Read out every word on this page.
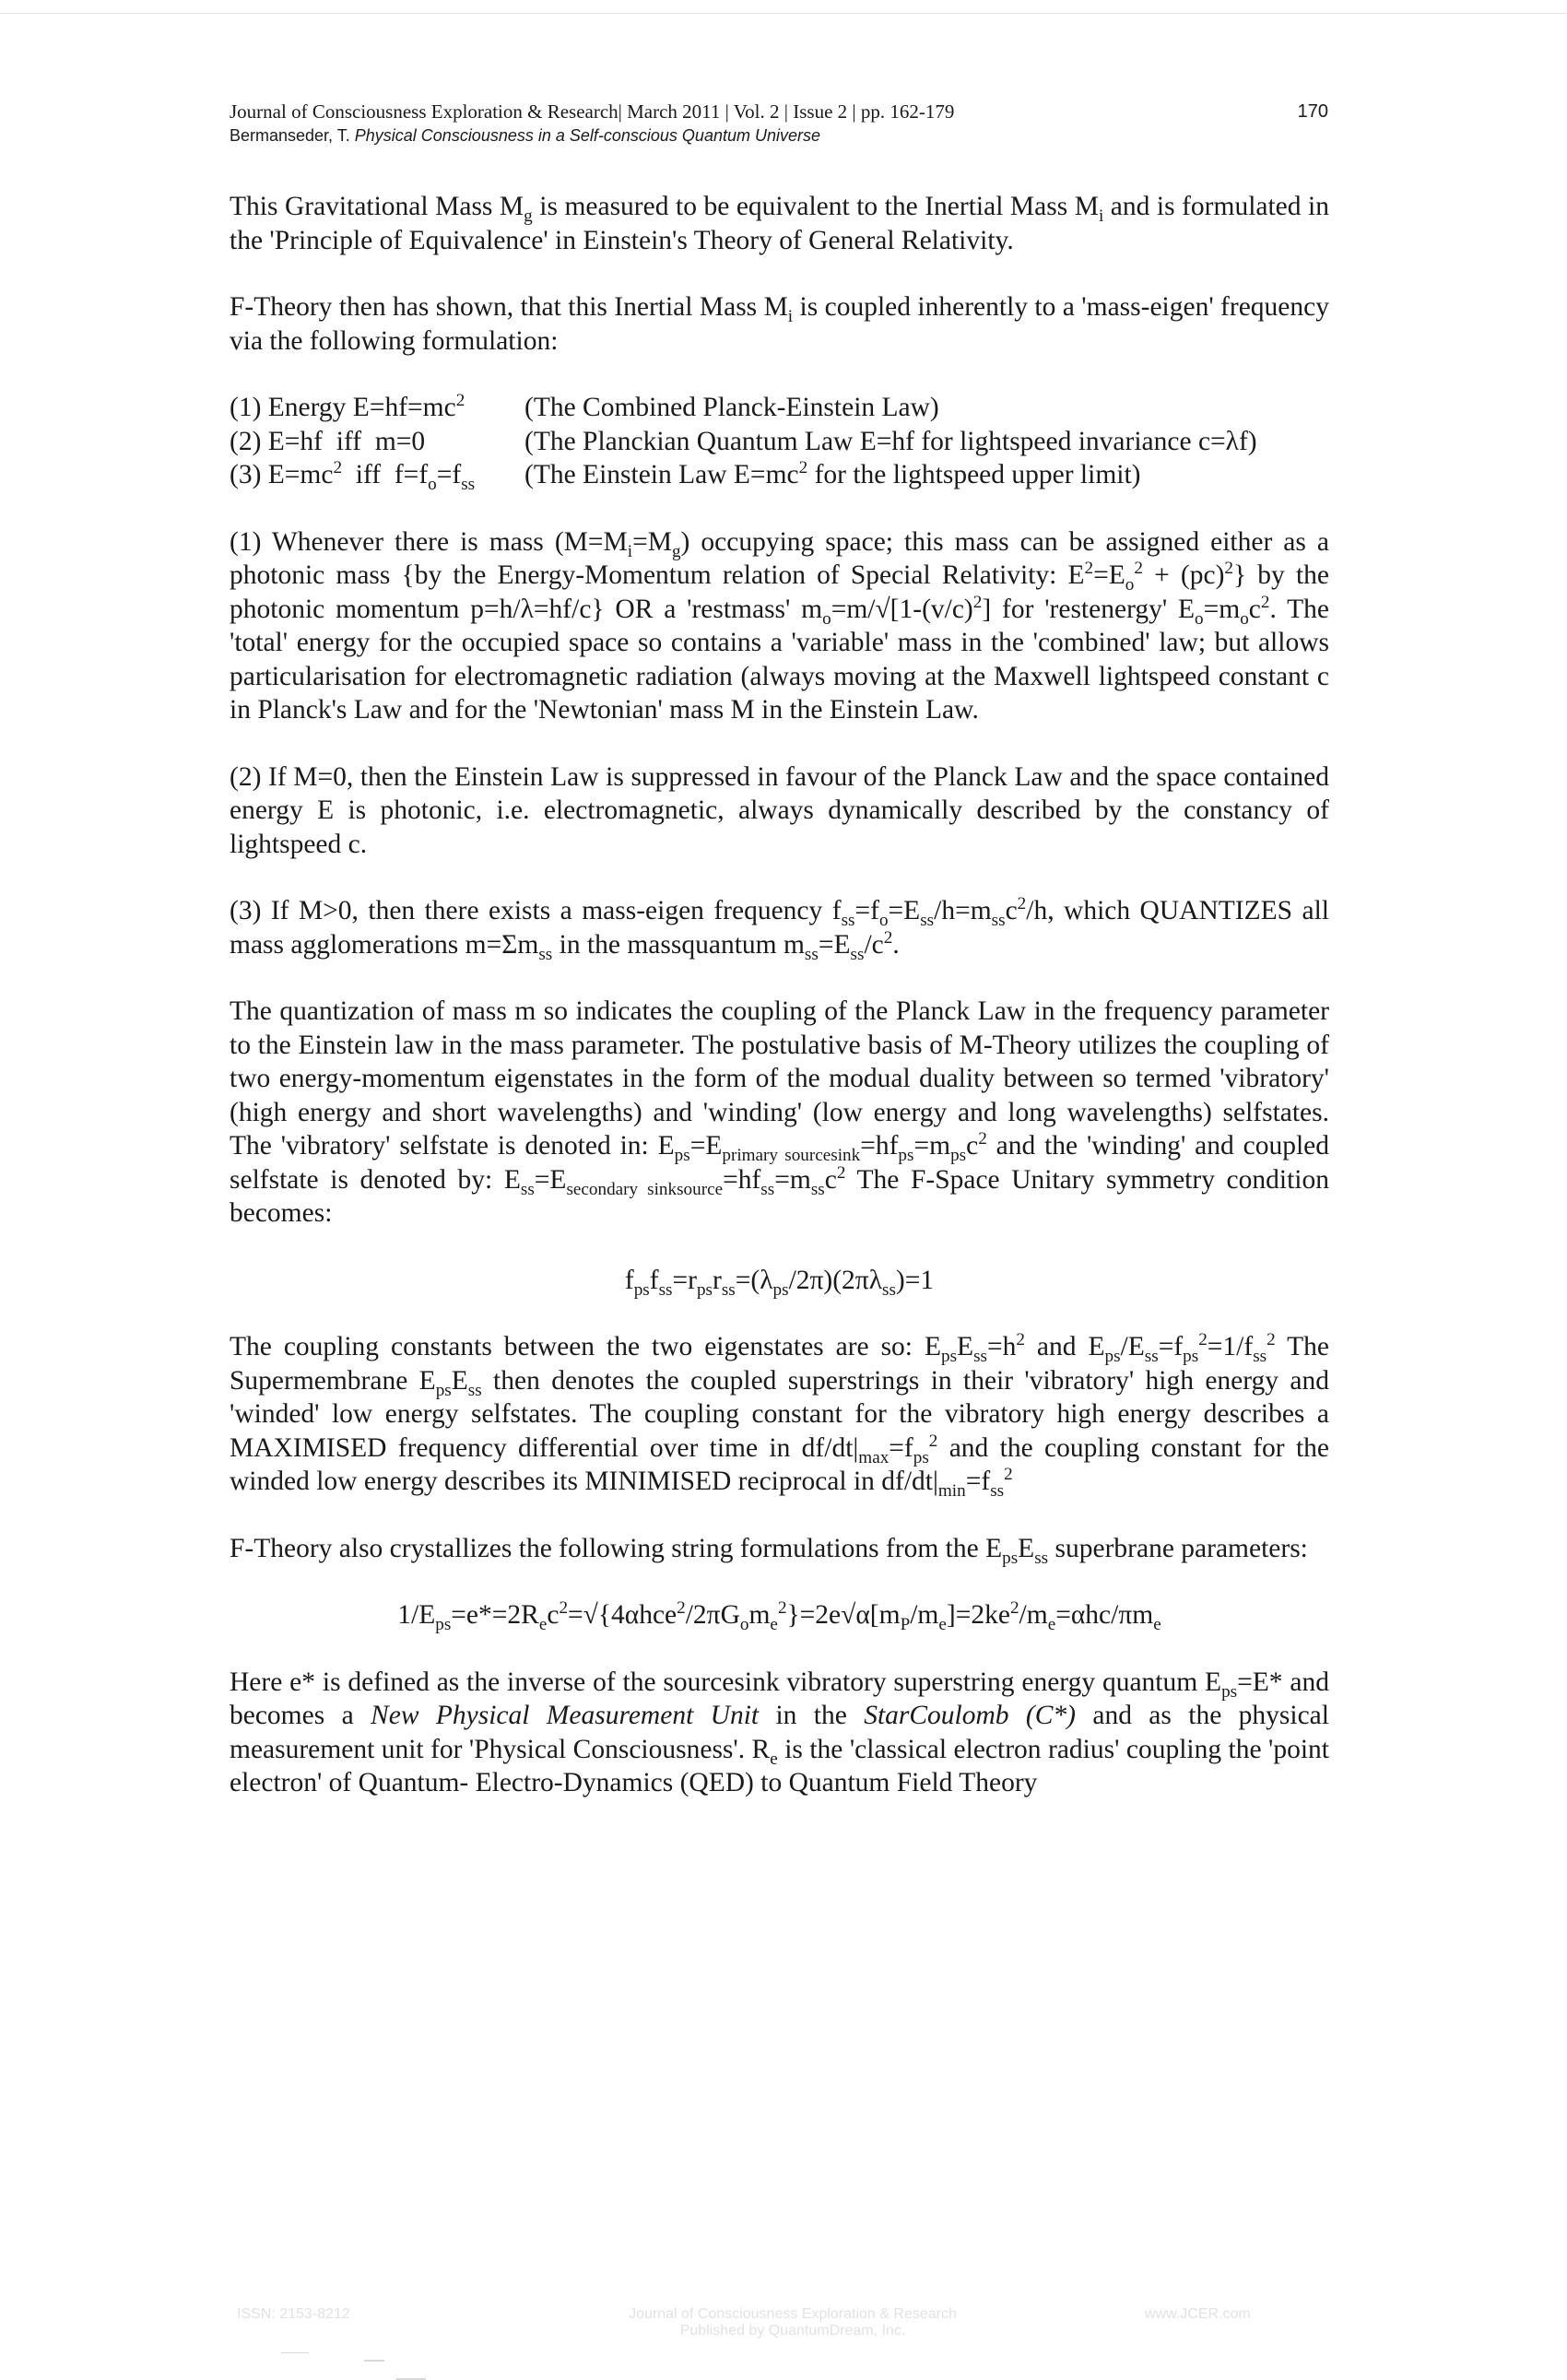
Journal of Consciousness Exploration & Research| March 2011 | Vol. 2 | Issue 2 | pp. 162-179
Bermanseder, T. Physical Consciousness in a Self-conscious Quantum Universe
170

This Gravitational Mass $M_g$ is measured to be equivalent to the Inertial Mass $M_i$ and is formulated in the 'Principle of Equivalence' in Einstein's Theory of General Relativity.

F-Theory then has shown, that this Inertial Mass $M_i$ is coupled inherently to a 'mass-eigen' frequency via the following formulation:

(1) Energy $E=hf=mc^2$	(The Combined Planck-Einstein Law)
(2) E=hf  iff  m=0	(The Planckian Quantum Law E=hf for lightspeed invariance c=λf)
(3) $E=mc^2$  iff  $f=f_o=f_{ss}$	(The Einstein Law $E=mc^2$ for the lightspeed upper limit)

(1) Whenever there is mass $(M=M_i=M_g)$ occupying space; this mass can be assigned either as a photonic mass {by the Energy-Momentum relation of Special Relativity: $E^2=E_o^2 + (pc)^2$} by the photonic momentum p=h/λ=hf/c} OR a 'restmass' $m_o=m/√[1-(v/c)^2]$ for 'restenergy' $E_o=m_oc^2$. The 'total' energy for the occupied space so contains a 'variable' mass in the 'combined' law; but allows particularisation for electromagnetic radiation (always moving at the Maxwell lightspeed constant c in Planck's Law and for the 'Newtonian' mass M in the Einstein Law.

(2) If M=0, then the Einstein Law is suppressed in favour of the Planck Law and the space contained energy E is photonic, i.e. electromagnetic, always dynamically described by the constancy of lightspeed c.

(3) If M>0, then there exists a mass-eigen frequency $f_{ss}=f_o=E_{ss}/h=m_{ss}c^2/h$, which QUANTIZES all mass agglomerations $m=\Sigma m_{ss}$ in the massquantum $m_{ss}=E_{ss}/c^2$.

The quantization of mass m so indicates the coupling of the Planck Law in the frequency parameter to the Einstein law in the mass parameter. The postulative basis of M-Theory utilizes the coupling of two energy-momentum eigenstates in the form of the modual duality between so termed 'vibratory' (high energy and short wavelengths) and 'winding' (low energy and long wavelengths) selfstates. The 'vibratory' selfstate is denoted in: $E_{ps}=E_{primary sourcesink}=hf_{ps}=m_{ps}c^2$ and the 'winding' and coupled selfstate is denoted by: $E_{ss}=E_{secondary sinksource}=hf_{ss}=m_{ss}c^2$ The F-Space Unitary symmetry condition becomes:

$f_{ps}f_{ss}=r_{ps}r_{ss}=(\lambda_{ps}/2\pi)(2\pi\lambda_{ss})=1$

The coupling constants between the two eigenstates are so: $E_{ps}E_{ss}=h^2$ and $E_{ps}/E_{ss}=f_{ps}^2=1/f_{ss}^2$ The Supermembrane $E_{ps}E_{ss}$ then denotes the coupled superstrings in their 'vibratory' high energy and 'winded' low energy selfstates. The coupling constant for the vibratory high energy describes a MAXIMISED frequency differential over time in $df/dt|_{max}=f_{ps}^2$ and the coupling constant for the winded low energy describes its MINIMISED reciprocal in $df/dt|_{min}=f_{ss}^2$

F-Theory also crystallizes the following string formulations from the $E_{ps}E_{ss}$ superbrane parameters:

$1/E_{ps}=e*=2R_ec^2=√\{4\alpha hce^2/2\pi G_om_e^2\}=2e√\alpha[m_P/m_e]=2ke^2/m_e=\alpha hc/\pi m_e$

Here e* is defined as the inverse of the sourcesink vibratory superstring energy quantum $E_{ps}=E*$ and becomes a New Physical Measurement Unit in the StarCoulomb (C*) and as the physical measurement unit for 'Physical Consciousness'. $R_e$ is the 'classical electron radius' coupling the 'point electron' of Quantum- Electro-Dynamics (QED) to Quantum Field Theory

ISSN: 2153-8212	Journal of Consciousness Exploration & Research
Published by QuantumDream, Inc.
www.JCER.com
